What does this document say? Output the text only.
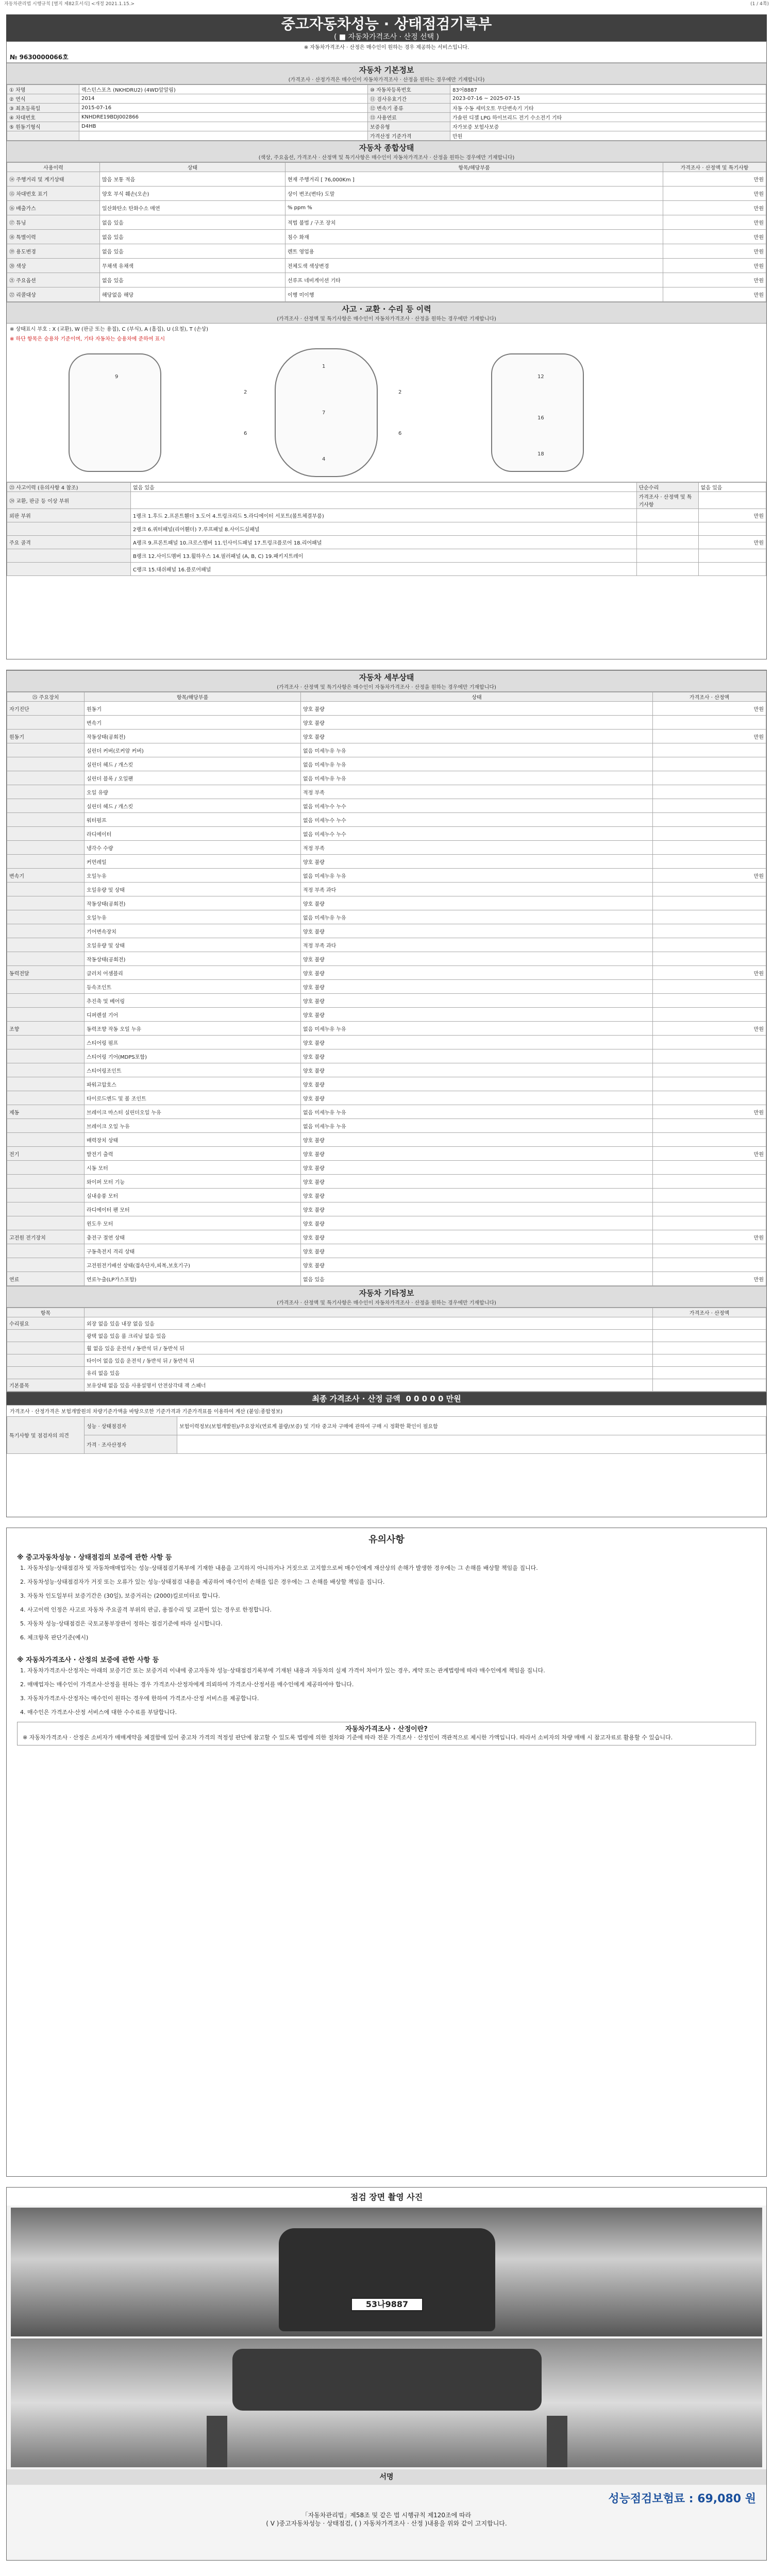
자동차관리법 시행규칙 [별지 제82호서식] <개정 2021.1.15.>	(1 / 4쪽)
중고자동차성능 · 상태점검기록부
( ■ 자동차가격조사 · 산정 선택 )
※ 자동차가격조사 · 산정은 매수인이 원하는 경우 제공하는 서비스입니다.
№ 9630000066호
자동차 기본정보

(가격조사 · 산정가격은 매수인이 자동차가격조사 · 산정을 원하는 경우에만 기재합니다)

① 차명	렉스턴스포츠 (NKHDRU2) (4WD앞알림)	⑩ 자동차등록번호	83어8887
② 연식	2014	⑪ 검사유효기간	2023-07-16 ~ 2025-07-15
③ 최초등록일	2015-07-16	⑫ 변속기 종류	자동 수동 세미오토 무단변속기 기타
④ 차대번호	KNHDRE19BDJ002866	⑬ 사용연료	가솔린 디젤 LPG 하이브리드 전기 수소전기 기타
⑤ 원동기형식	D4HB	보증유형	자가보증 보험사보증
		가격산정 기준가격	만원
자동차 종합상태

(색상, 주요옵션, 가격조사 · 산정액 및 특기사항은 매수인이 자동차가격조사 · 산정을 원하는 경우에만 기재합니다)

사용이력	상태	항목/해당부품	가격조사 · 산정액 및 특기사항
⑭ 주행거리 및 계기상태	많음 보통 적음	현재 주행거리 [ 76,000Km ]	만원
⑮ 차대번호 표기	양호 부식 훼손(오손)	상이 변조(변타) 도말	만원
⑯ 배출가스	일산화탄소 탄화수소 매연	% ppm %	만원
⑰ 튜닝	없음 있음	적법 불법 / 구조 장치	만원
⑱ 특별이력	없음 있음	침수 화재	만원
⑲ 용도변경	없음 있음	렌트 영업용	만원
⑳ 색상	무채색 유채색	전체도색 색상변경	만원
㉑ 주요옵션	없음 있음	선루프 네비게이션 기타	만원
㉒ 리콜대상	해당없음 해당	이행 미이행	만원
사고 · 교환 · 수리 등 이력

(가격조사 · 산정액 및 특기사항은 매수인이 자동차가격조사 · 산정을 원하는 경우에만 기재합니다)

※ 상태표시 부호 : X (교환), W (판금 또는 용접), C (부식), A (흠집), U (요철), T (손상)
※ 하단 항목은 승용차 기준이며, 기타 자동차는 승용차에 준하여 표시
1
7
4
2	2
6	6
9	12
16
18
㉓ 사고이력 (유의사항 4 참조)	없음 있음	단순수리	없음 있음
㉔ 교환, 판금 등 이상 부위		가격조사 · 산정액 및 특기사항	
외판 부위	1랭크 1.후드 2.프론트휀더 3.도어 4.트렁크리드 5.라디에이터 서포트(볼트체결부품)		만원
	2랭크 6.쿼터패널(리어휀더) 7.루프패널 8.사이드실패널		
주요 골격	A랭크 9.프론트패널 10.크로스멤버 11.인사이드패널 17.트렁크플로어 18.리어패널		만원
	B랭크 12.사이드멤버 13.휠하우스 14.필러패널 (A, B, C) 19.패키지트레이		
	C랭크 15.대쉬패널 16.플로어패널		
자동차 세부상태

(가격조사 · 산정액 및 특기사항은 매수인이 자동차가격조사 · 산정을 원하는 경우에만 기재합니다)

㉕ 주요장치	항목/해당부품	상태	가격조사 · 산정액
자기진단	원동기	양호 불량	만원
	변속기	양호 불량	
원동기	작동상태(공회전)	양호 불량	만원
	실린더 커버(로커암 커버)	없음 미세누유 누유	
	실린더 헤드 / 개스킷	없음 미세누유 누유	
	실린더 블록 / 오일팬	없음 미세누유 누유	
	오일 유량	적정 부족	
	실린더 헤드 / 개스킷	없음 미세누수 누수	
	워터펌프	없음 미세누수 누수	
	라디에이터	없음 미세누수 누수	
	냉각수 수량	적정 부족	
	커먼레일	양호 불량	
변속기	오일누유	없음 미세누유 누유	만원
	오일유량 및 상태	적정 부족 과다	
	작동상태(공회전)	양호 불량	
	오일누유	없음 미세누유 누유	
	기어변속장치	양호 불량	
	오일유량 및 상태	적정 부족 과다	
	작동상태(공회전)	양호 불량	
동력전달	클러치 어셈블리	양호 불량	만원
	등속조인트	양호 불량	
	추진축 및 베어링	양호 불량	
	디퍼렌셜 기어	양호 불량	
조향	동력조향 작동 오일 누유	없음 미세누유 누유	만원
	스티어링 펌프	양호 불량	
	스티어링 기어(MDPS포함)	양호 불량	
	스티어링조인트	양호 불량	
	파워고압호스	양호 불량	
	타이로드엔드 및 볼 조인트	양호 불량	
제동	브레이크 마스터 실린더오일 누유	없음 미세누유 누유	만원
	브레이크 오일 누유	없음 미세누유 누유	
	배력장치 상태	양호 불량	
전기	발전기 출력	양호 불량	만원
	시동 모터	양호 불량	
	와이퍼 모터 기능	양호 불량	
	실내송풍 모터	양호 불량	
	라디에이터 팬 모터	양호 불량	
	윈도우 모터	양호 불량	
고전원 전기장치	충전구 절연 상태	양호 불량	만원
	구동축전지 격리 상태	양호 불량	
	고전원전기배선 상태(접속단자,피복,보호기구)	양호 불량	
연료	연료누출(LP가스포함)	없음 있음	만원
자동차 기타정보

(가격조사 · 산정액 및 특기사항은 매수인이 자동차가격조사 · 산정을 원하는 경우에만 기재합니다)

항목		가격조사 · 산정액
수리필요	외장 없음 있음 내장 없음 있음	
	광택 없음 있음 룸 크리닝 없음 있음	
	휠 없음 있음 운전석 / 동반석 뒤 / 동반석 뒤	
	타이어 없음 있음 운전석 / 동반석 뒤 / 동반석 뒤	
	유리 없음 있음	
기본품목	보유상태 없음 있음 사용설명서 안전삼각대 잭 스패너	
최종 가격조사 · 산정 금액 0 0 0 0 0 만원
가격조사 · 산정가격은 보험개발원의 차량기준가액을 바탕으로한 기준가격과 기준가격표를 이용하여 계산 (붙임:종합정보)
특기사항 및 점검자의 의견	성능 · 상태점검자	보험이력정보(보험개발원)/주요장치(연료계 불량/보증) 및 기타 중고차 구매에 관하여 구매 시 정확한 확인이 필요함
	가격 · 조사산정자	
유의사항
※ 중고자동차성능 · 상태점검의 보증에 관한 사항 등

1. 자동차성능·상태점검자 및 자동차매매업자는 성능·상태점검기록부에 기재한 내용을 고지하지 아니하거나 거짓으로 고지함으로써 매수인에게 재산상의 손해가 발생한 경우에는 그 손해를 배상할 책임을 집니다.

2. 자동차성능·상태점검자가 거짓 또는 오류가 있는 성능·상태점검 내용을 제공하여 매수인이 손해를 입은 경우에는 그 손해를 배상할 책임을 집니다.

3. 자동차 인도일부터 보증기간은 (30일), 보증거리는 (2000)킬로미터로 합니다.

4. 사고이력 인정은 사고로 자동차 주요골격 부위의 판금, 용접수리 및 교환이 있는 경우로 한정합니다.

5. 자동차 성능·상태점검은 국토교통부장관이 정하는 점검기준에 따라 실시합니다.

6. 체크항목 판단기준(예시)

※ 자동차가격조사 · 산정의 보증에 관한 사항 등

1. 자동차가격조사·산정자는 아래의 보증기간 또는 보증거리 이내에 중고자동차 성능·상태점검기록부에 기재된 내용과 자동차의 실제 가격이 차이가 있는 경우, 계약 또는 관계법령에 따라 매수인에게 책임을 집니다.

2. 매매업자는 매수인이 가격조사·산정을 원하는 경우 가격조사·산정자에게 의뢰하여 가격조사·산정서를 매수인에게 제공하여야 합니다.

3. 자동차가격조사·산정자는 매수인이 원하는 경우에 한하여 가격조사·산정 서비스를 제공합니다.

4. 매수인은 가격조사·산정 서비스에 대한 수수료를 부담합니다.

자동차가격조사 · 산정이란?
※ 자동차가격조사 · 산정은 소비자가 매매계약을 체결함에 있어 중고차 가격의 적정성 판단에 참고할 수 있도록 법령에 의한 절차와 기준에 따라 전문 가격조사 · 산정인이 객관적으로 제시한 가액입니다. 따라서 소비자의 차량 매매 시 참고자료로 활용할 수 있습니다.
점검 장면 촬영 사진
53나9887
서명
성능점검보험료 : 69,080 원
「자동차관리법」제58조 및 같은 법 시행규칙 제120조에 따라
( V )중고자동차성능 · 상태점검, ( ) 자동차가격조사 · 산정 )내용을 위와 같이 고지합니다.
